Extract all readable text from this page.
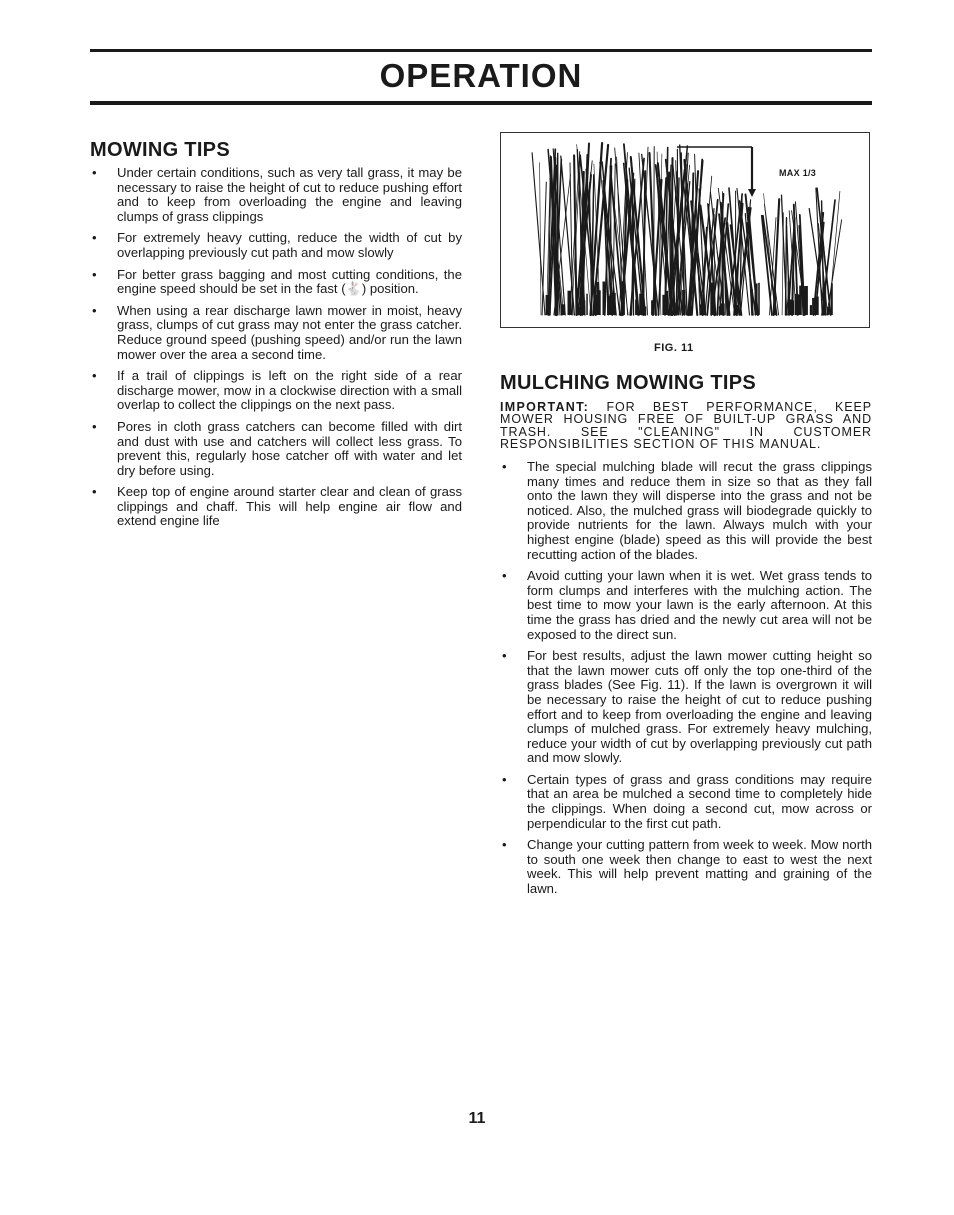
OPERATION
MOWING TIPS
• Under certain conditions, such as very tall grass, it may be necessary to raise the height of cut to reduce pushing effort and to keep from overloading the engine and leaving clumps of grass clippings
• For extremely heavy cutting, reduce the width of cut by overlapping previously cut path and mow slowly
• For better grass bagging and most cutting conditions, the engine speed should be set in the fast (🐇) position.
• When using a rear discharge lawn mower in moist, heavy grass, clumps of cut grass may not enter the grass catcher. Reduce ground speed (pushing speed) and/or run the lawn mower over the area a second time.
• If a trail of clippings is left on the right side of a rear discharge mower, mow in a clockwise direction with a small overlap to collect the clippings on the next pass.
• Pores in cloth grass catchers can become filled with dirt and dust with use and catchers will collect less grass. To prevent this, regularly hose catcher off with water and let dry before using.
• Keep top of engine around starter clear and clean of grass clippings and chaff. This will help engine air flow and extend engine life
MAX 1/3
FIG. 11
MULCHING MOWING TIPS

IMPORTANT: FOR BEST PERFORMANCE, KEEP MOWER HOUSING FREE OF BUILT-UP GRASS AND TRASH. SEE "CLEANING" IN CUSTOMER RESPONSIBILITIES SECTION OF THIS MANUAL.

• The special mulching blade will recut the grass clippings many times and reduce them in size so that as they fall onto the lawn they will disperse into the grass and not be noticed. Also, the mulched grass will biodegrade quickly to provide nutrients for the lawn. Always mulch with your highest engine (blade) speed as this will provide the best recutting action of the blades.
• Avoid cutting your lawn when it is wet. Wet grass tends to form clumps and interferes with the mulching action. The best time to mow your lawn is the early afternoon. At this time the grass has dried and the newly cut area will not be exposed to the direct sun.
• For best results, adjust the lawn mower cutting height so that the lawn mower cuts off only the top one-third of the grass blades (See Fig. 11). If the lawn is overgrown it will be necessary to raise the height of cut to reduce pushing effort and to keep from overloading the engine and leaving clumps of mulched grass. For extremely heavy mulching, reduce your width of cut by overlapping previously cut path and mow slowly.
• Certain types of grass and grass conditions may require that an area be mulched a second time to completely hide the clippings. When doing a second cut, mow across or perpendicular to the first cut path.
• Change your cutting pattern from week to week. Mow north to south one week then change to east to west the next week. This will help prevent matting and graining of the lawn.
11
